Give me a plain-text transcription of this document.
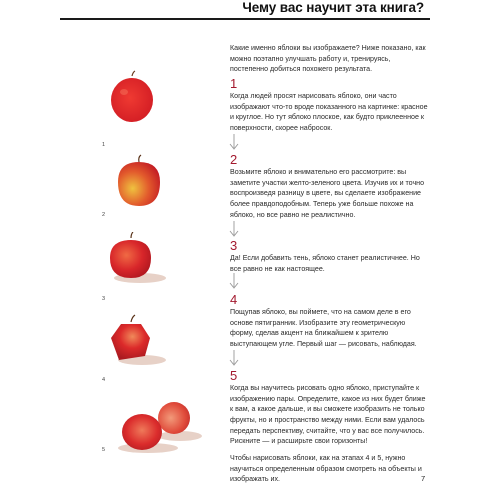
Чему вас научит эта книга?
1
2
3
4
5
Какие именно яблоки вы изображаете? Ниже показано, как можно поэтапно улучшать работу и, тренируясь, постепенно добиться похожего результата.
1
Когда людей просят нарисовать яблоко, они часто изображают что-то вроде показанного на картинке: красное и круглое. Но тут яблоко плоское, как будто приклеенное к поверхности, скорее набросок.
2
Возьмите яблоко и внимательно его рассмотрите: вы заметите участки желто-зеленого цвета. Изучив их и точно воспроизведя разницу в цвете, вы сделаете изображение более правдоподобным. Теперь уже больше похоже на яблоко, но все равно не реалистично.
3
Да! Если добавить тень, яблоко станет реалистичнее. Но все равно не как настоящее.
4
Пощупав яблоко, вы поймете, что на самом деле в его основе пятигранник. Изобразите эту геометрическую форму, сделав акцент на ближайшем к зрителю выступающем угле. Первый шаг — рисовать, наблюдая.
5
Когда вы научитесь рисовать одно яблоко, приступайте к изображению пары. Определите, какое из них будет ближе к вам, а какое дальше, и вы сможете изобразить не только фрукты, но и пространство между ними. Если вам удалось передать перспективу, считайте, что у вас все получилось. Рискните — и расширьте свои горизонты!
Чтобы нарисовать яблоки, как на этапах 4 и 5, нужно научиться определенным образом смотреть на объекты и изображать их.	7
